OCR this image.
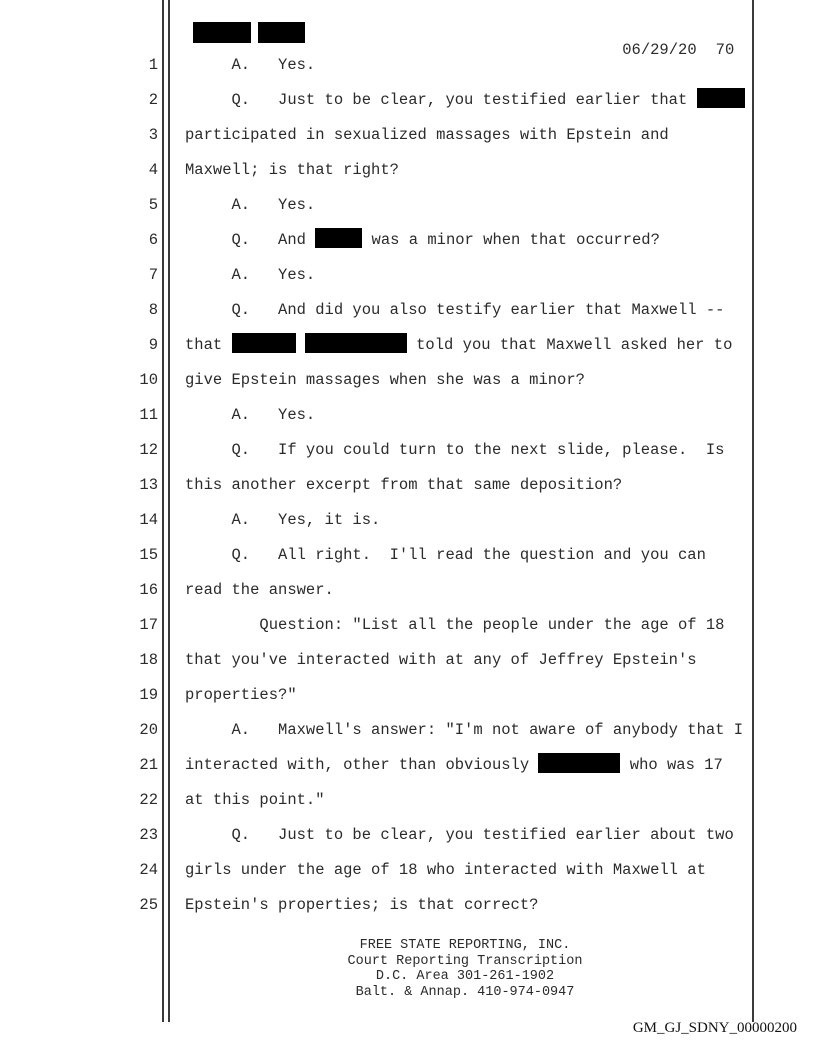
06/29/20 70

1 A.   Yes.
2 Q.   Just to be clear, you testified earlier that
3 participated in sexualized massages with Epstein and
4 Maxwell; is that right?
5 A.   Yes.
6 Q.   And	was a minor when that occurred?
7 A.   Yes.
8 Q.   And did you also testify earlier that Maxwell --
9 that	told you that Maxwell asked her to
10 give Epstein massages when she was a minor?
11 A.   Yes.
12 Q.   If you could turn to the next slide, please.  Is
13 this another excerpt from that same deposition?
14 A.   Yes, it is.
15 Q.   All right.  I'll read the question and you can
16 read the answer.
17 Question: "List all the people under the age of 18
18 that you've interacted with at any of Jeffrey Epstein's
19 properties?"
20 A.   Maxwell's answer: "I'm not aware of anybody that I
21 interacted with, other than obviously	who was 17
22 at this point."
23 Q.   Just to be clear, you testified earlier about two
24 girls under the age of 18 who interacted with Maxwell at
25 Epstein's properties; is that correct?
FREE STATE REPORTING, INC.
Court Reporting Transcription
D.C. Area 301-261-1902
Balt. & Annap. 410-974-0947
GM_GJ_SDNY_00000200
